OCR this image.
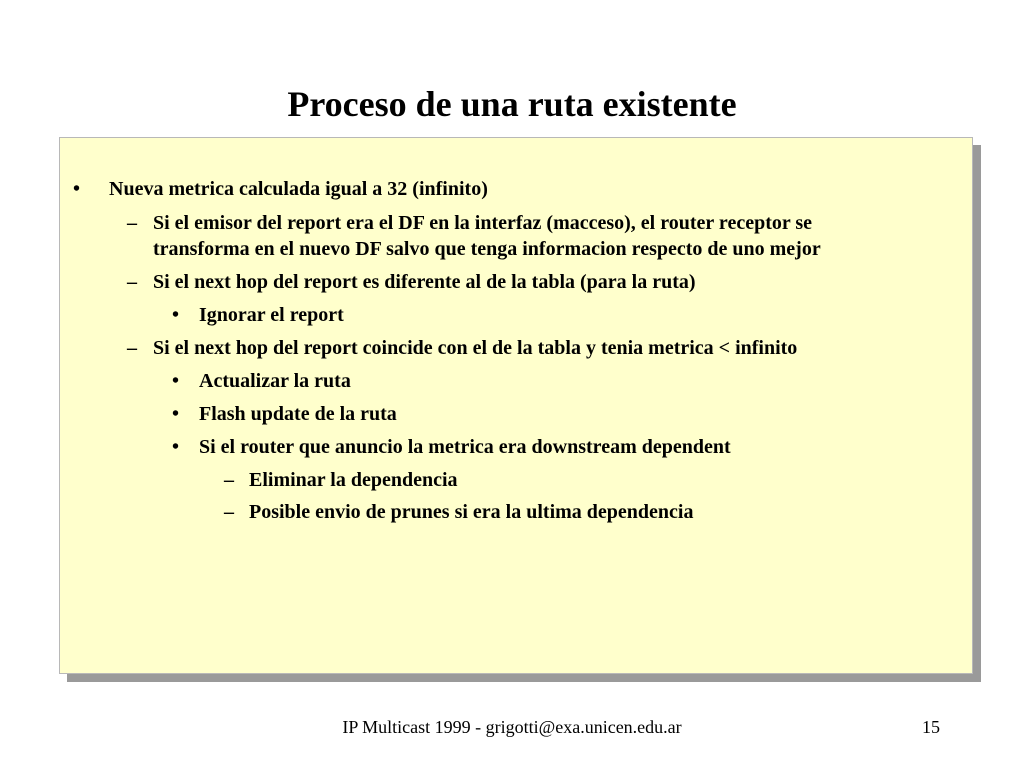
Proceso de una ruta existente
• Nueva metrica calculada igual a 32 (infinito)
– Si el emisor del report era el DF en la interfaz (macceso), el router receptor se
transforma en el nuevo DF salvo que tenga informacion respecto de uno mejor
– Si el next hop del report es diferente al de la tabla (para la ruta)
• Ignorar el report
– Si el next hop del report coincide con el de la tabla y tenia metrica < infinito
• Actualizar la ruta
• Flash update de la ruta
• Si el router que anuncio la metrica era downstream dependent
– Eliminar la dependencia
– Posible envio de prunes si era la ultima dependencia
IP Multicast 1999 - grigotti@exa.unicen.edu.ar	15
